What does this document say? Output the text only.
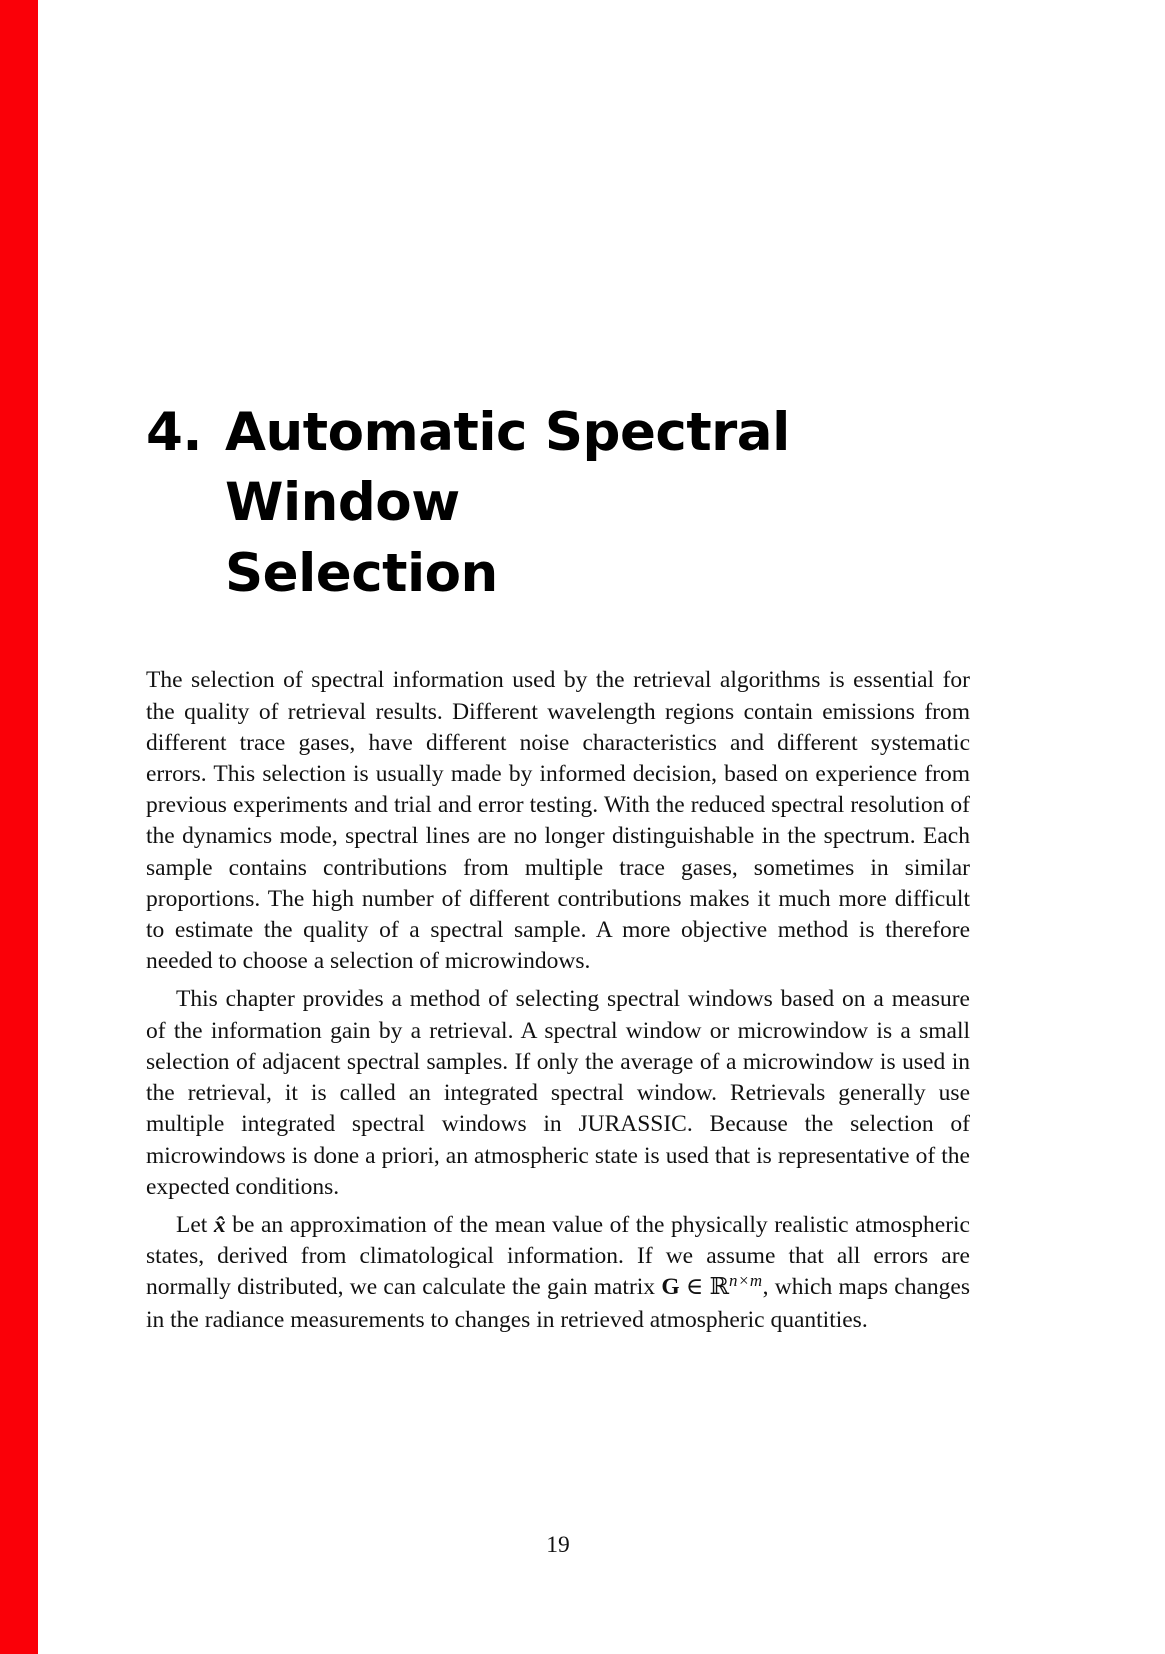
4. Automatic Spectral Window
Selection

The selection of spectral information used by the retrieval algorithms is essential for the quality of retrieval results. Different wavelength regions contain emissions from different trace gases, have different noise characteristics and different systematic errors. This selection is usually made by informed decision, based on experience from previous experiments and trial and error testing. With the reduced spectral resolution of the dynamics mode, spectral lines are no longer distinguishable in the spectrum. Each sample contains contributions from multiple trace gases, sometimes in similar proportions. The high number of different contributions makes it much more difficult to estimate the quality of a spectral sample. A more objective method is therefore needed to choose a selection of microwindows.

This chapter provides a method of selecting spectral windows based on a measure of the information gain by a retrieval. A spectral window or microwindow is a small selection of adjacent spectral samples. If only the average of a microwindow is used in the retrieval, it is called an integrated spectral window. Retrievals generally use multiple integrated spectral windows in JURASSIC. Because the selection of microwindows is done a priori, an atmospheric state is used that is representative of the expected conditions.

Let x̂ be an approximation of the mean value of the physically realistic atmospheric states, derived from climatological information. If we assume that all errors are normally distributed, we can calculate the gain matrix G ∈ ℝ$^{n\times m}$, which maps changes in the radiance measurements to changes in retrieved atmospheric quantities.

19
